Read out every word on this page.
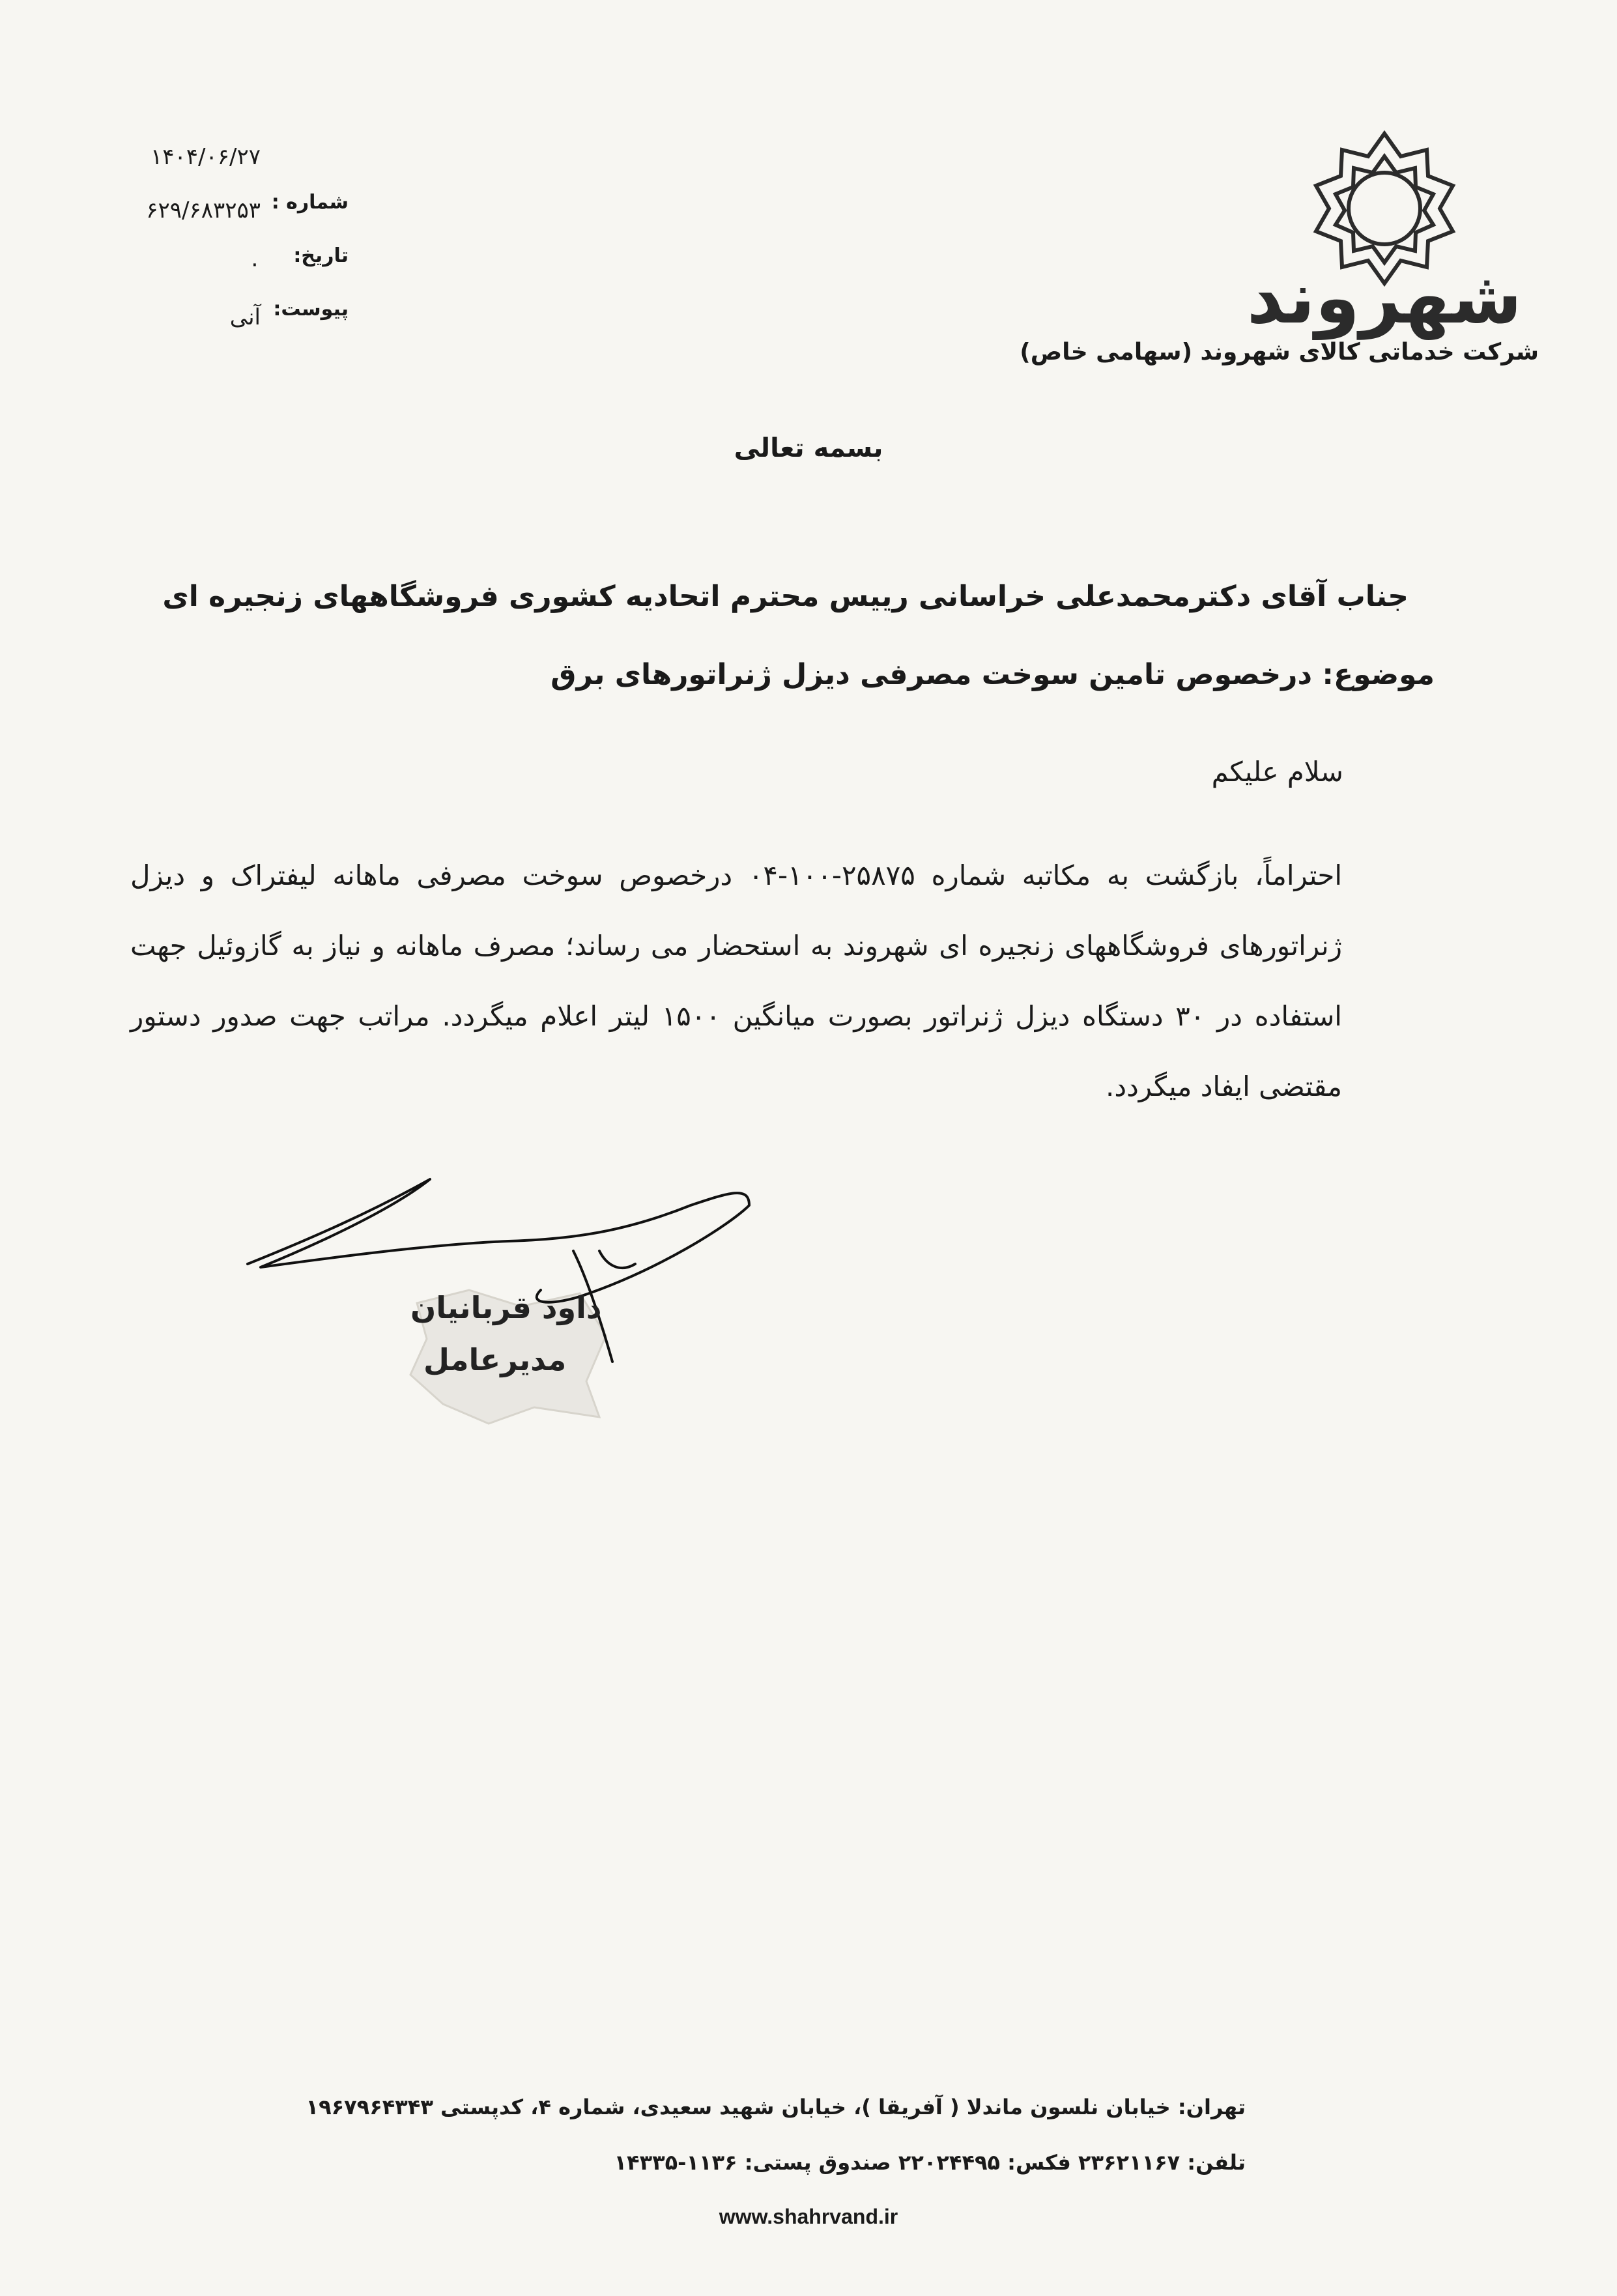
۱۴۰۴/۰۶/۲۷
۶۲۹/۶۸۳۲۵۳
۰
آنی
شماره :
تاریخ:
پیوست:	شهروند
شرکت خدماتی کالای شهروند (سهامی خاص)
بسمه تعالی
جناب آقای دکترمحمدعلی خراسانی رییس محترم اتحادیه کشوری فروشگاههای زنجیره ای
موضوع: درخصوص تامین سوخت مصرفی دیزل ژنراتورهای برق
سلام علیکم
احتراماً، بازگشت به مکاتبه شماره ۲۵۸۷۵-۱۰۰-۰۴ درخصوص سوخت مصرفی ماهانه لیفتراک و دیزل ژنراتورهای فروشگاههای زنجیره ای شهروند به استحضار می رساند؛ مصرف ماهانه و نیاز به گازوئیل جهت استفاده در ۳۰ دستگاه دیزل ژنراتور بصورت میانگین ۱۵۰۰ لیتر اعلام میگردد. مراتب جهت صدور دستور مقتضی ایفاد میگردد.
داود قربانیان
مدیرعامل
تهران: خیابان نلسون ماندلا ( آفریقا )، خیابان شهید سعیدی، شماره ۴، کدپستی ۱۹۶۷۹۶۴۳۴۳
تلفن: ۲۳۶۲۱۱۶۷ فکس: ۲۲۰۲۴۴۹۵ صندوق پستی: ۱۱۳۶-۱۴۳۳۵
www.shahrvand.ir
